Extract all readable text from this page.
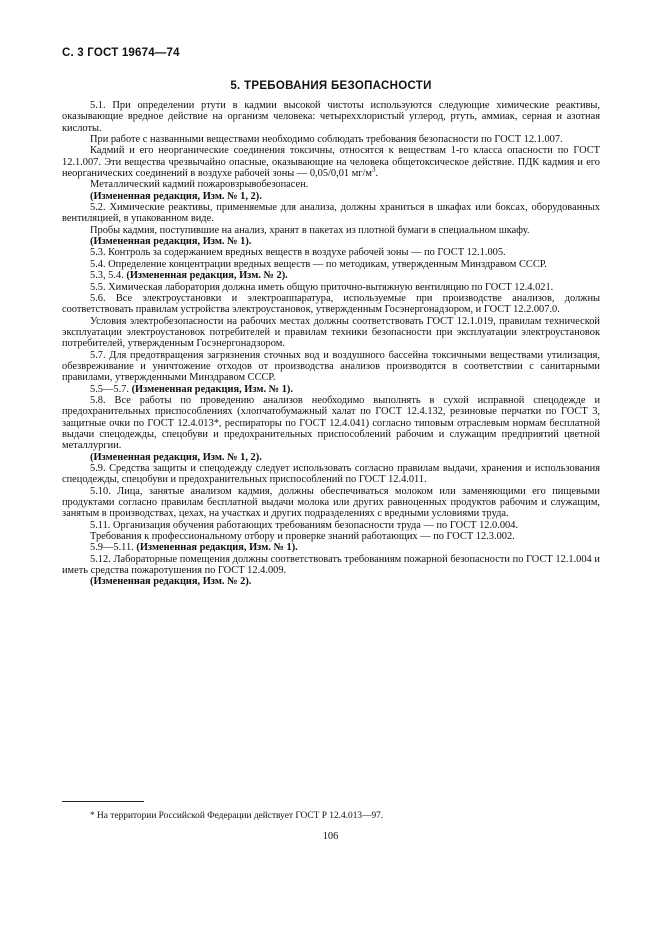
С. 3 ГОСТ 19674—74
5. ТРЕБОВАНИЯ БЕЗОПАСНОСТИ

5.1. При определении ртути в кадмии высокой чистоты используются следующие химические реактивы, оказывающие вредное действие на организм человека: четыреххлористый углерод, ртуть, аммиак, серная и азотная кислоты.

При работе с названными веществами необходимо соблюдать требования безопасности по ГОСТ 12.1.007.

Кадмий и его неорганические соединения токсичны, относятся к веществам 1-го класса опасности по ГОСТ 12.1.007. Эти вещества чрезвычайно опасные, оказывающие на человека общетоксическое действие. ПДК кадмия и его неорганических соединений в воздухе рабочей зоны — 0,05/0,01 $мг/м^3$.

Металлический кадмий пожаровзрывобезопасен.

(Измененная редакция, Изм. № 1, 2).

5.2. Химические реактивы, применяемые для анализа, должны храниться в шкафах или боксах, оборудованных вентиляцией, в упакованном виде.

Пробы кадмия, поступившие на анализ, хранят в пакетах из плотной бумаги в специальном шкафу.

(Измененная редакция, Изм. № 1).

5.3. Контроль за содержанием вредных веществ в воздухе рабочей зоны — по ГОСТ 12.1.005.

5.4. Определение концентрации вредных веществ — по методикам, утвержденным Минздравом СССР.

5.3, 5.4. (Измененная редакция, Изм. № 2).

5.5. Химическая лаборатория должна иметь общую приточно-вытяжную вентиляцию по ГОСТ 12.4.021.

5.6. Все электроустановки и электроаппаратура, используемые при производстве анализов, должны соответствовать правилам устройства электроустановок, утвержденным Госэнергонадзором, и ГОСТ 12.2.007.0.

Условия электробезопасности на рабочих местах должны соответствовать ГОСТ 12.1.019, правилам технической эксплуатации электроустановок потребителей и правилам техники безопасности при эксплуатации электроустановок потребителей, утвержденным Госэнергонадзором.

5.7. Для предотвращения загрязнения сточных вод и воздушного бассейна токсичными веществами утилизация, обезвреживание и уничтожение отходов от производства анализов производятся в соответствии с санитарными правилами, утвержденными Минздравом СССР.

5.5—5.7. (Измененная редакция, Изм. № 1).

5.8. Все работы по проведению анализов необходимо выполнять в сухой исправной спецодежде и предохранительных приспособлениях (хлопчатобумажный халат по ГОСТ 12.4.132, резиновые перчатки по ГОСТ 3, защитные очки по ГОСТ 12.4.013*, респираторы по ГОСТ 12.4.041) согласно типовым отраслевым нормам бесплатной выдачи спецодежды, спецобуви и предохранительных приспособлений рабочим и служащим предприятий цветной металлургии.

(Измененная редакция, Изм. № 1, 2).

5.9. Средства защиты и спецодежду следует использовать согласно правилам выдачи, хранения и использования спецодежды, спецобуви и предохранительных приспособлений по ГОСТ 12.4.011.

5.10. Лица, занятые анализом кадмия, должны обеспечиваться молоком или заменяющими его пищевыми продуктами согласно правилам бесплатной выдачи молока или других равноценных продуктов рабочим и служащим, занятым в производствах, цехах, на участках и других подразделениях с вредными условиями труда.

5.11. Организация обучения работающих требованиям безопасности труда — по ГОСТ 12.0.004.

Требования к профессиональному отбору и проверке знаний работающих — по ГОСТ 12.3.002.

5.9—5.11. (Измененная редакция, Изм. № 1).

5.12. Лабораторные помещения должны соответствовать требованиям пожарной безопасности по ГОСТ 12.1.004 и иметь средства пожаротушения по ГОСТ 12.4.009.

(Измененная редакция, Изм. № 2).

* На территории Российской Федерации действует ГОСТ Р 12.4.013—97.
106
